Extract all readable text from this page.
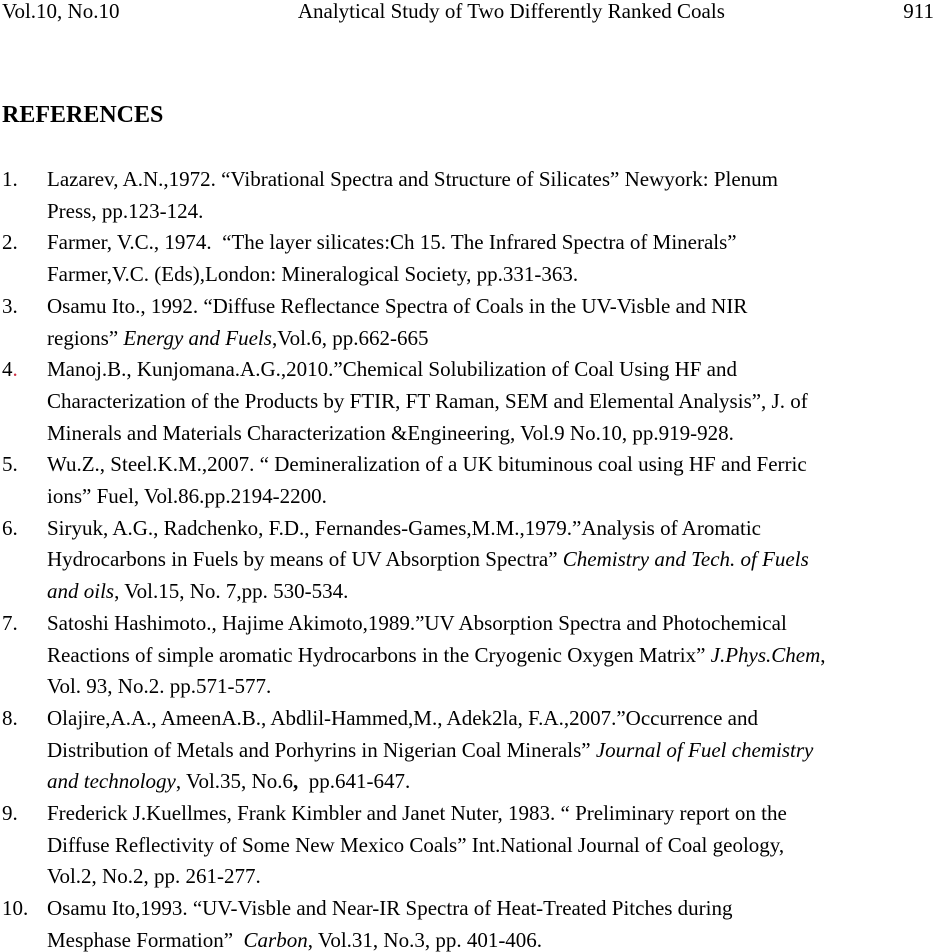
Vol.10, No.10	Analytical Study of Two Differently Ranked Coals	911
REFERENCES
1.	Lazarev, A.N.,1972. “Vibrational Spectra and Structure of Silicates” Newyork: Plenum
Press, pp.123-124.
2.	Farmer, V.C., 1974.  “The layer silicates:Ch 15. The Infrared Spectra of Minerals”
Farmer,V.C. (Eds),London: Mineralogical Society, pp.331-363.
3.	Osamu Ito., 1992. “Diffuse Reflectance Spectra of Coals in the UV-Visble and NIR
regions” Energy and Fuels,Vol.6, pp.662-665
4.	Manoj.B., Kunjomana.A.G.,2010.”Chemical Solubilization of Coal Using HF and
Characterization of the Products by FTIR, FT Raman, SEM and Elemental Analysis”, J. of
Minerals and Materials Characterization &Engineering, Vol.9 No.10, pp.919-928.
5.	Wu.Z., Steel.K.M.,2007. “ Demineralization of a UK bituminous coal using HF and Ferric
ions” Fuel, Vol.86.pp.2194-2200.
6.	Siryuk, A.G., Radchenko, F.D., Fernandes-Games,M.M.,1979.”Analysis of Aromatic
Hydrocarbons in Fuels by means of UV Absorption Spectra” Chemistry and Tech. of Fuels
and oils, Vol.15, No. 7,pp. 530-534.
7.	Satoshi Hashimoto., Hajime Akimoto,1989.”UV Absorption Spectra and Photochemical
Reactions of simple aromatic Hydrocarbons in the Cryogenic Oxygen Matrix” J.Phys.Chem,
Vol. 93, No.2. pp.571-577.
8.	Olajire,A.A., AmeenA.B., Abdlil-Hammed,M., Adek2la, F.A.,2007.”Occurrence and
Distribution of Metals and Porhyrins in Nigerian Coal Minerals” Journal of Fuel chemistry
and technology, Vol.35, No.6,  pp.641-647.
9.	Frederick J.Kuellmes, Frank Kimbler and Janet Nuter, 1983. “ Preliminary report on the
Diffuse Reflectivity of Some New Mexico Coals” Int.National Journal of Coal geology,
Vol.2, No.2, pp. 261-277.
10. Osamu Ito,1993. “UV-Visble and Near-IR Spectra of Heat-Treated Pitches during
Mesphase Formation”  Carbon, Vol.31, No.3, pp. 401-406.
